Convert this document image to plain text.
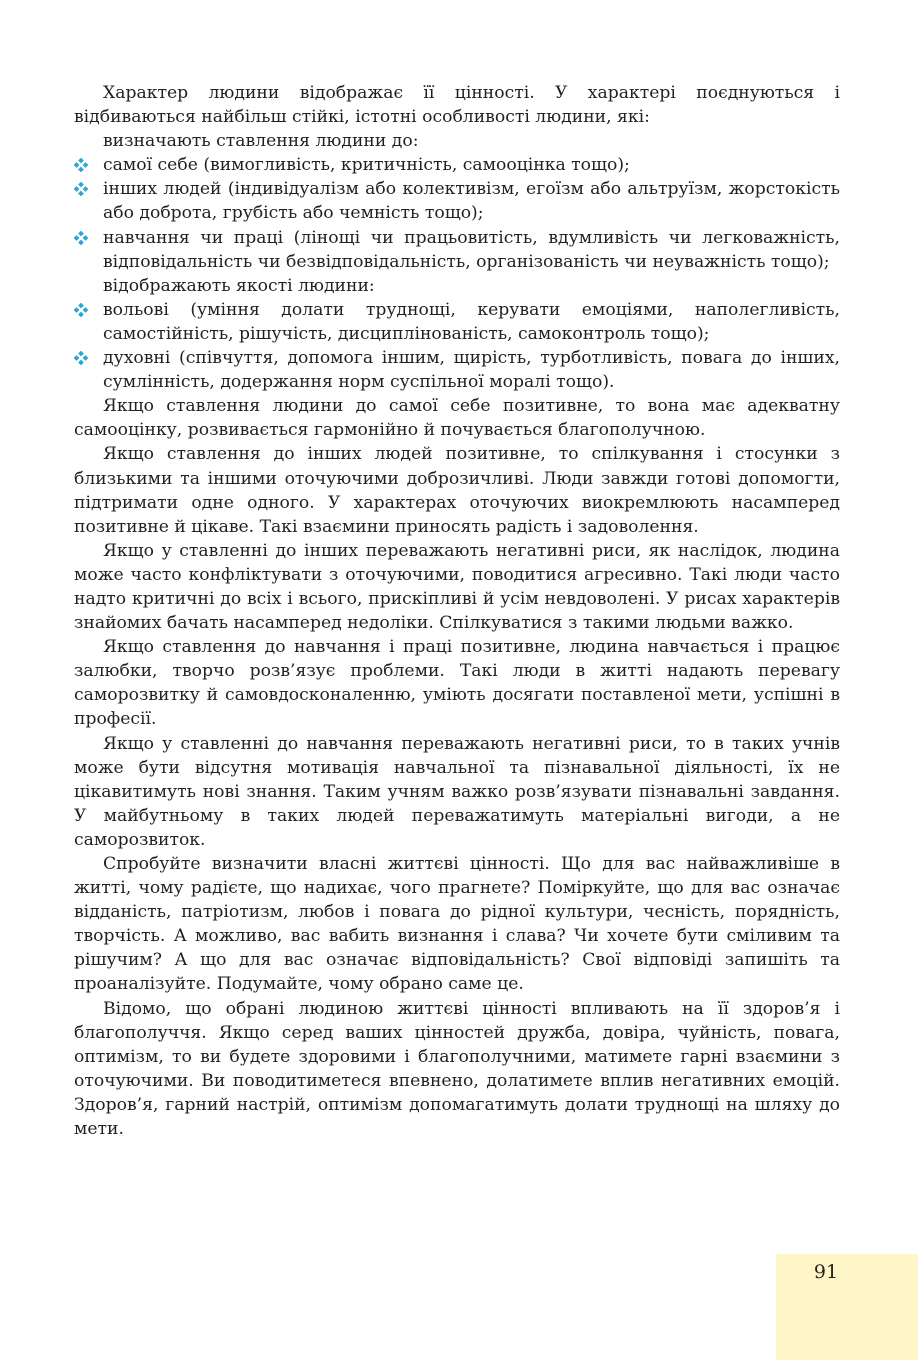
Характер людини відображає її цінності. У характері поєднуються і відбиваються найбільш стійкі, істотні особливості людини, які:

визначають ставлення людини до:

самої себе (вимогливість, критичність, самооцінка тощо);
інших людей (індивідуалізм або колективізм, егоїзм або альтруїзм, жорстокість або доброта, грубість або чемність тощо);
навчання чи праці (лінощі чи працьовитість, вдумливість чи легковажність, відповідальність чи безвідповідальність, організованість чи неуважність тощо);

відображають якості людини:

вольові (уміння долати труднощі, керувати емоціями, наполегливість, самостійність, рішучість, дисциплінованість, самоконтроль тощо);
духовні (співчуття, допомога іншим, щирість, турботливість, повага до інших, сумлінність, додержання норм суспільної моралі тощо).

Якщо ставлення людини до самої себе позитивне, то вона має адекватну самооцінку, розвивається гармонійно й почувається благополучною.

Якщо ставлення до інших людей позитивне, то спілкування і стосунки з близькими та іншими оточуючими доброзичливі. Люди завжди готові допомогти, підтримати одне одного. У характерах оточуючих виокремлюють насамперед позитивне й цікаве. Такі взаємини приносять радість і задоволення.

Якщо у ставленні до інших переважають негативні риси, як наслідок, людина може часто конфліктувати з оточуючими, поводитися агресивно. Такі люди часто надто критичні до всіх і всього, прискіпливі й усім невдоволені. У рисах характерів знайомих бачать насамперед недоліки. Спілкуватися з такими людьми важко.

Якщо ставлення до навчання і праці позитивне, людина навчається і працює залюбки, творчо розв’язує проблеми. Такі люди в житті надають перевагу саморозвитку й самовдосконаленню, уміють досягати поставленої мети, успішні в професії.

Якщо у ставленні до навчання переважають негативні риси, то в таких учнів може бути відсутня мотивація навчальної та пізнавальної діяльності, їх не цікавитимуть нові знання. Таким учням важко розв’язувати пізнавальні завдання. У майбутньому в таких людей переважатимуть матеріальні вигоди, а не саморозвиток.

Спробуйте визначити власні життєві цінності. Що для вас найважливіше в житті, чому радієте, що надихає, чого прагнете? Поміркуйте, що для вас означає відданість, патріотизм, любов і повага до рідної культури, чесність, порядність, творчість. А можливо, вас вабить визнання і слава? Чи хочете бути сміливим та рішучим? А що для вас означає відповідальність? Свої відповіді запишіть та проаналізуйте. Подумайте, чому обрано саме це.

Відомо, що обрані людиною життєві цінності впливають на її здоров’я і благополуччя. Якщо серед ваших цінностей дружба, довіра, чуйність, повага, оптимізм, то ви будете здоровими і благополучними, матимете гарні взаємини з оточуючими. Ви поводитиметеся впевнено, долатимете вплив негативних емоцій. Здоров’я, гарний настрій, оптимізм допомагатимуть долати труднощі на шляху до мети.

91
